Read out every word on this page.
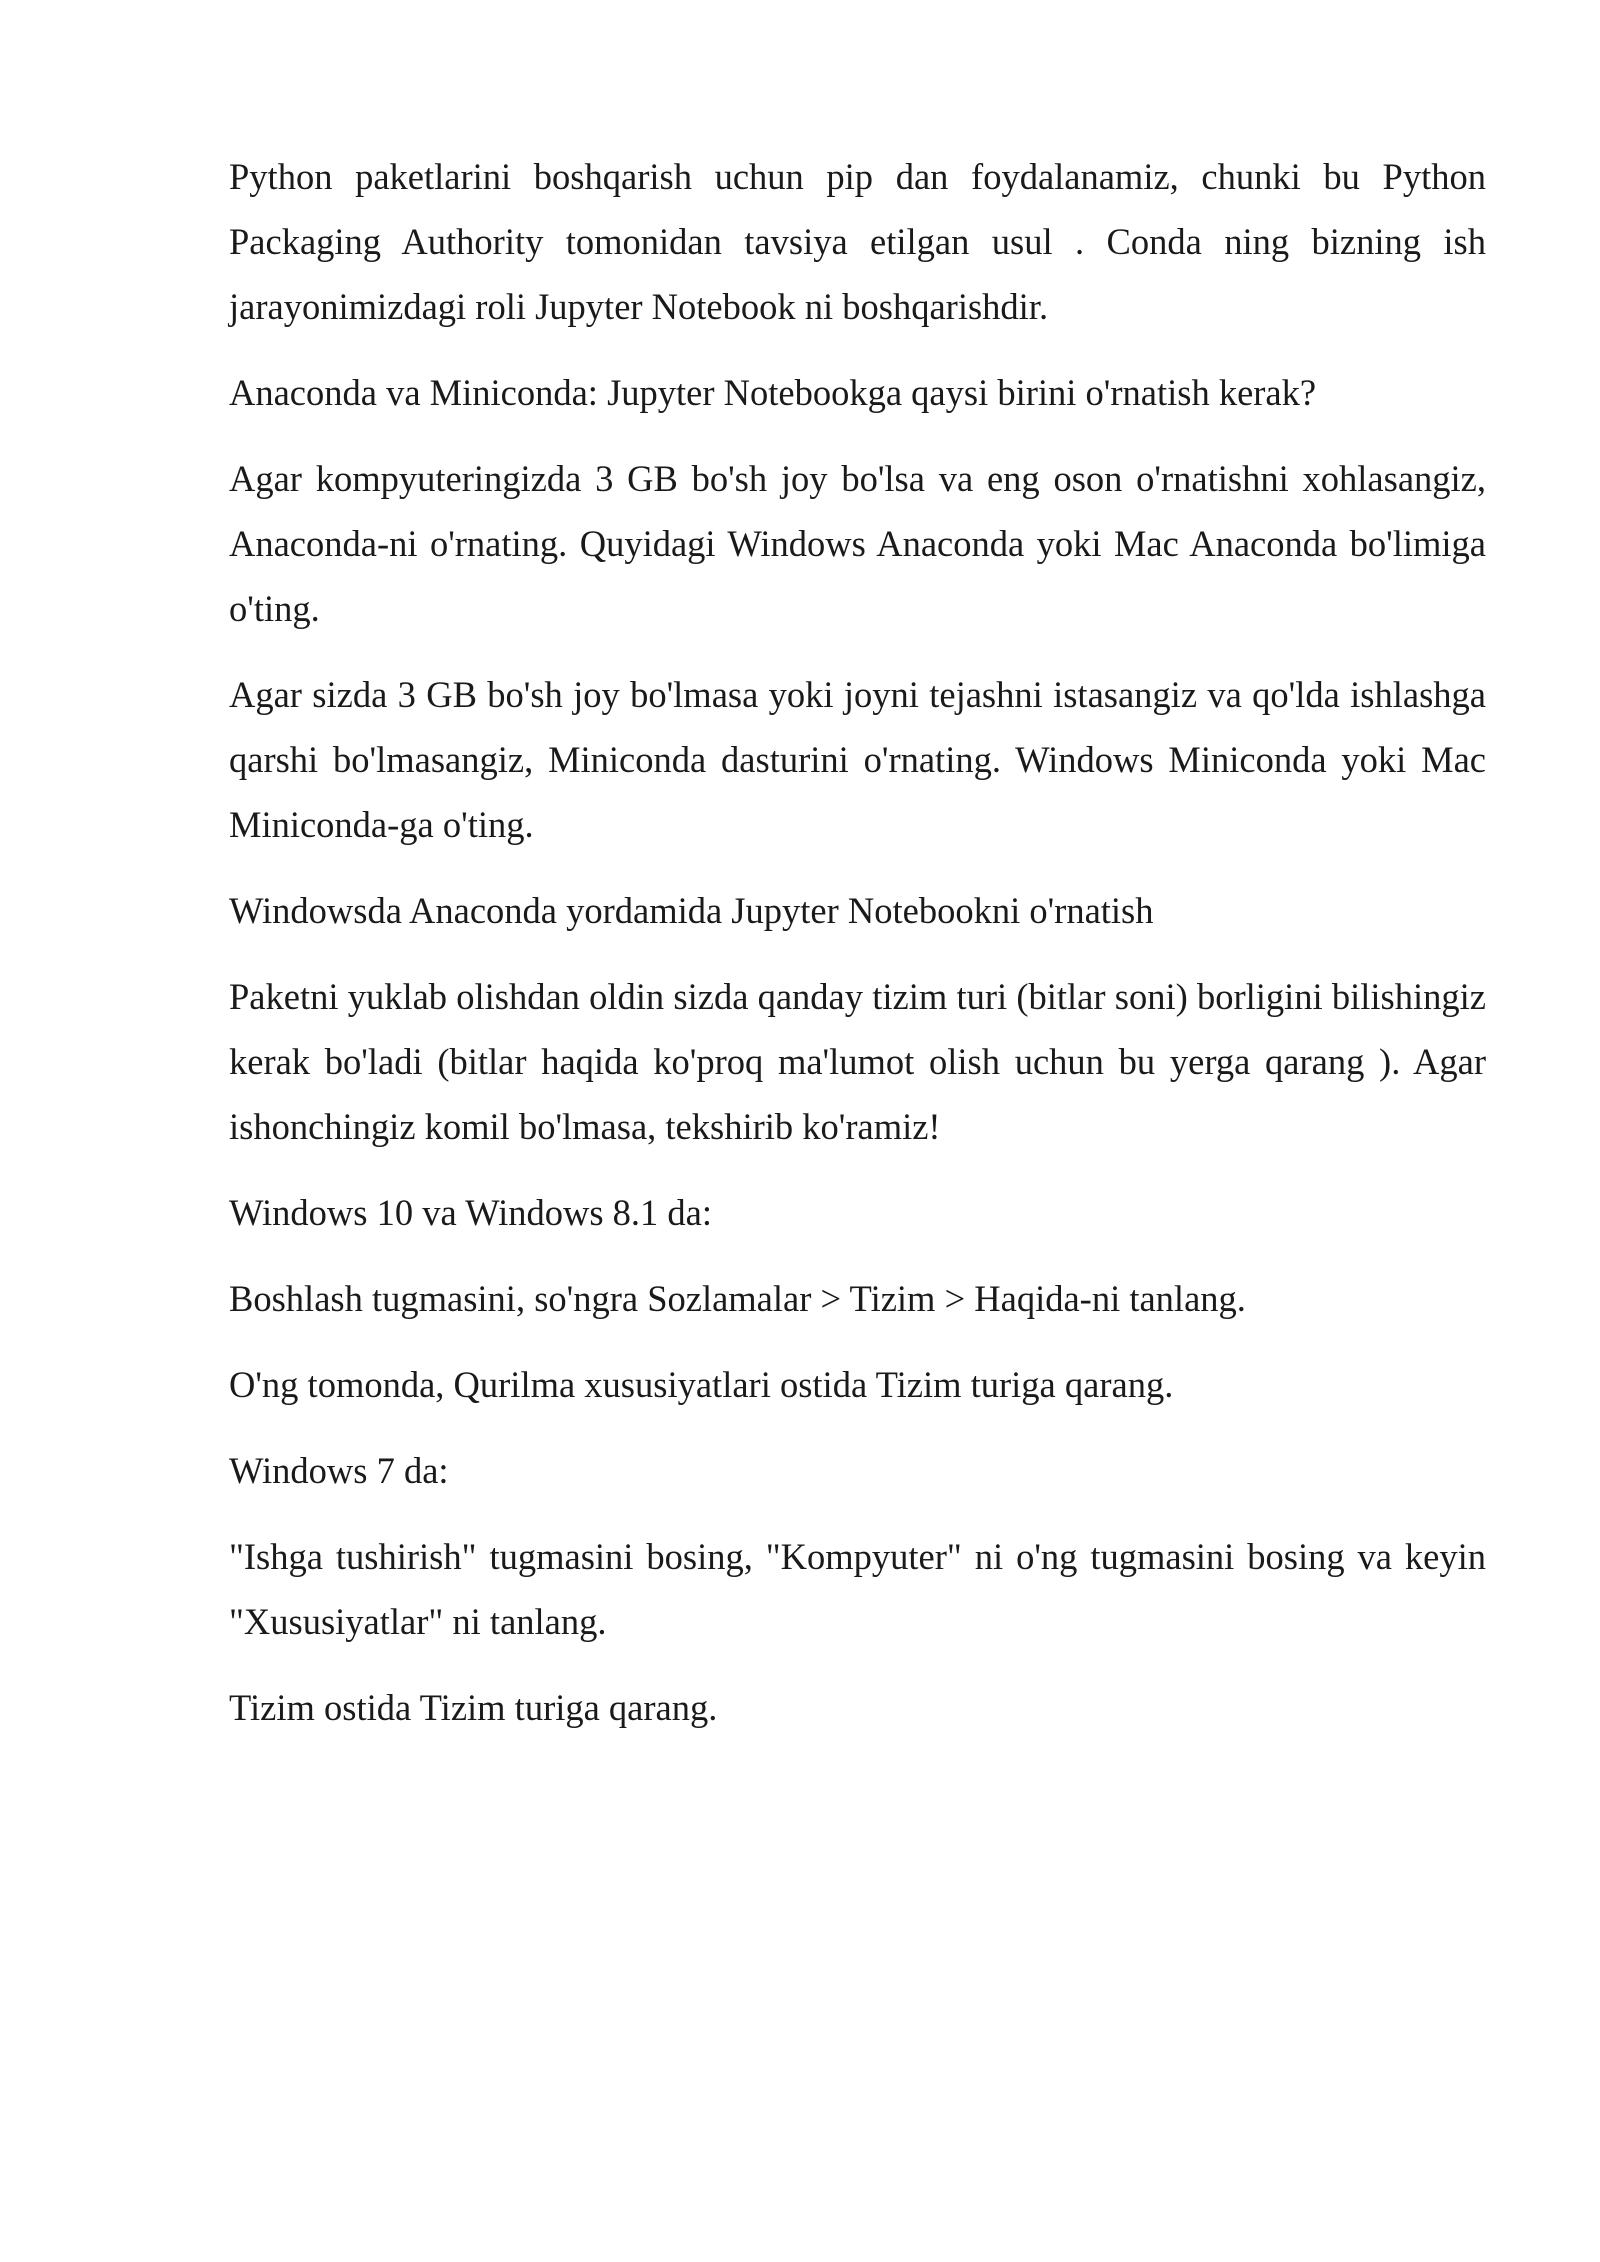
Python paketlarini boshqarish uchun pip dan foydalanamiz, chunki bu Python Packaging Authority tomonidan tavsiya etilgan usul . Conda ning bizning ish jarayonimizdagi roli Jupyter Notebook ni boshqarishdir.

Anaconda va Miniconda: Jupyter Notebookga qaysi birini o'rnatish kerak?

Agar kompyuteringizda 3 GB bo'sh joy bo'lsa va eng oson o'rnatishni xohlasangiz, Anaconda-ni o'rnating. Quyidagi Windows Anaconda yoki Mac Anaconda bo'limiga o'ting.

Agar sizda 3 GB bo'sh joy bo'lmasa yoki joyni tejashni istasangiz va qo'lda ishlashga qarshi bo'lmasangiz, Miniconda dasturini o'rnating. Windows Miniconda yoki Mac Miniconda-ga o'ting.

Windowsda Anaconda yordamida Jupyter Notebookni o'rnatish

Paketni yuklab olishdan oldin sizda qanday tizim turi (bitlar soni) borligini bilishingiz kerak bo'ladi (bitlar haqida ko'proq ma'lumot olish uchun bu yerga qarang ). Agar ishonchingiz komil bo'lmasa, tekshirib ko'ramiz!

Windows 10 va Windows 8.1 da:

Boshlash tugmasini, so'ngra Sozlamalar > Tizim > Haqida-ni tanlang.

O'ng tomonda, Qurilma xususiyatlari ostida Tizim turiga qarang.

Windows 7 da:

"Ishga tushirish" tugmasini bosing, "Kompyuter" ni o'ng tugmasini bosing va keyin "Xususiyatlar" ni tanlang.

Tizim ostida Tizim turiga qarang.
